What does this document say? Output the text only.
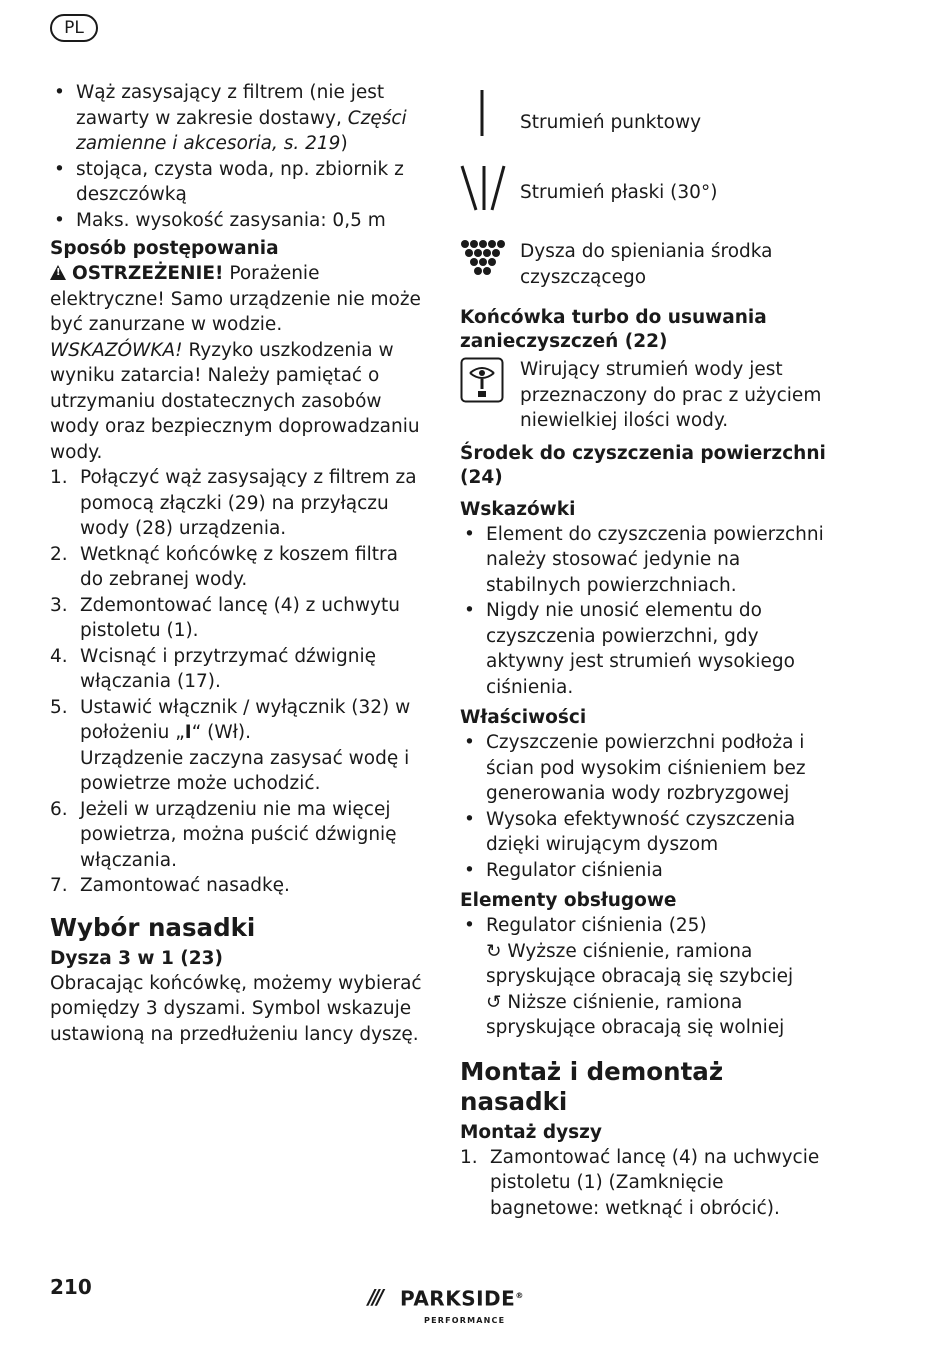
PL
• Wąż zasysający z filtrem (nie jest zawarty w zakresie dostawy, Części zamienne i akcesoria, s. 219)
• stojąca, czysta woda, np. zbiornik z deszczówką
• Maks. wysokość zasysania: 0,5 m

Sposób postępowania

!OSTRZEŻENIE! Porażenie elektryczne! Samo urządzenie nie może być zanurzane w wodzie.

WSKAZÓWKA! Ryzyko uszkodzenia w wyniku zatarcia! Należy pamiętać o utrzymaniu dostatecznych zasobów wody oraz bezpiecznym doprowadzaniu wody.

1. Połączyć wąż zasysający z filtrem za pomocą złączki (29) na przyłączu wody (28) urządzenia.
2. Wetknąć końcówkę z koszem filtra do zebranej wody.
3. Zdemontować lancę (4) z uchwytu pistoletu (1).
4. Wcisnąć i przytrzymać dźwignię włączania (17).
5. Ustawić włącznik / wyłącznik (32) w położeniu „I“ (Wł).
Urządzenie zaczyna zasysać wodę i powietrze może uchodzić.
6. Jeżeli w urządzeniu nie ma więcej powietrza, można puścić dźwignię włączania.
7. Zamontować nasadkę.

Wybór nasadki

Dysza 3 w 1 (23)

Obracając końcówkę, możemy wybierać pomiędzy 3 dyszami. Symbol wskazuje ustawioną na przedłużeniu lancy dyszę.

Strumień punktowy
Strumień płaski (30°)
Dysza do spieniania środka czyszczącego

Końcówka turbo do usuwania zanieczyszczeń (22)

Wirujący strumień wody jest przeznaczony do prac z użyciem niewielkiej ilości wody.

Środek do czyszczenia powierzchni (24)

Wskazówki

• Element do czyszczenia powierzchni należy stosować jedynie na stabilnych powierzchniach.
• Nigdy nie unosić elementu do czyszczenia powierzchni, gdy aktywny jest strumień wysokiego ciśnienia.

Właściwości

• Czyszczenie powierzchni podłoża i ścian pod wysokim ciśnieniem bez generowania wody rozbryzgowej
• Wysoka efektywność czyszczenia dzięki wirującym dyszom
• Regulator ciśnienia

Elementy obsługowe

• Regulator ciśnienia (25)
↻ Wyższe ciśnienie, ramiona spryskujące obracają się szybciej
↺ Niższe ciśnienie, ramiona spryskujące obracają się wolniej

Montaż i demontaż nasadki

Montaż dyszy

1. Zamontować lancę (4) na uchwycie pistoletu (1) (Zamknięcie bagnetowe: wetknąć i obrócić).
210	/// PARKSIDE®
PERFORMANCE
